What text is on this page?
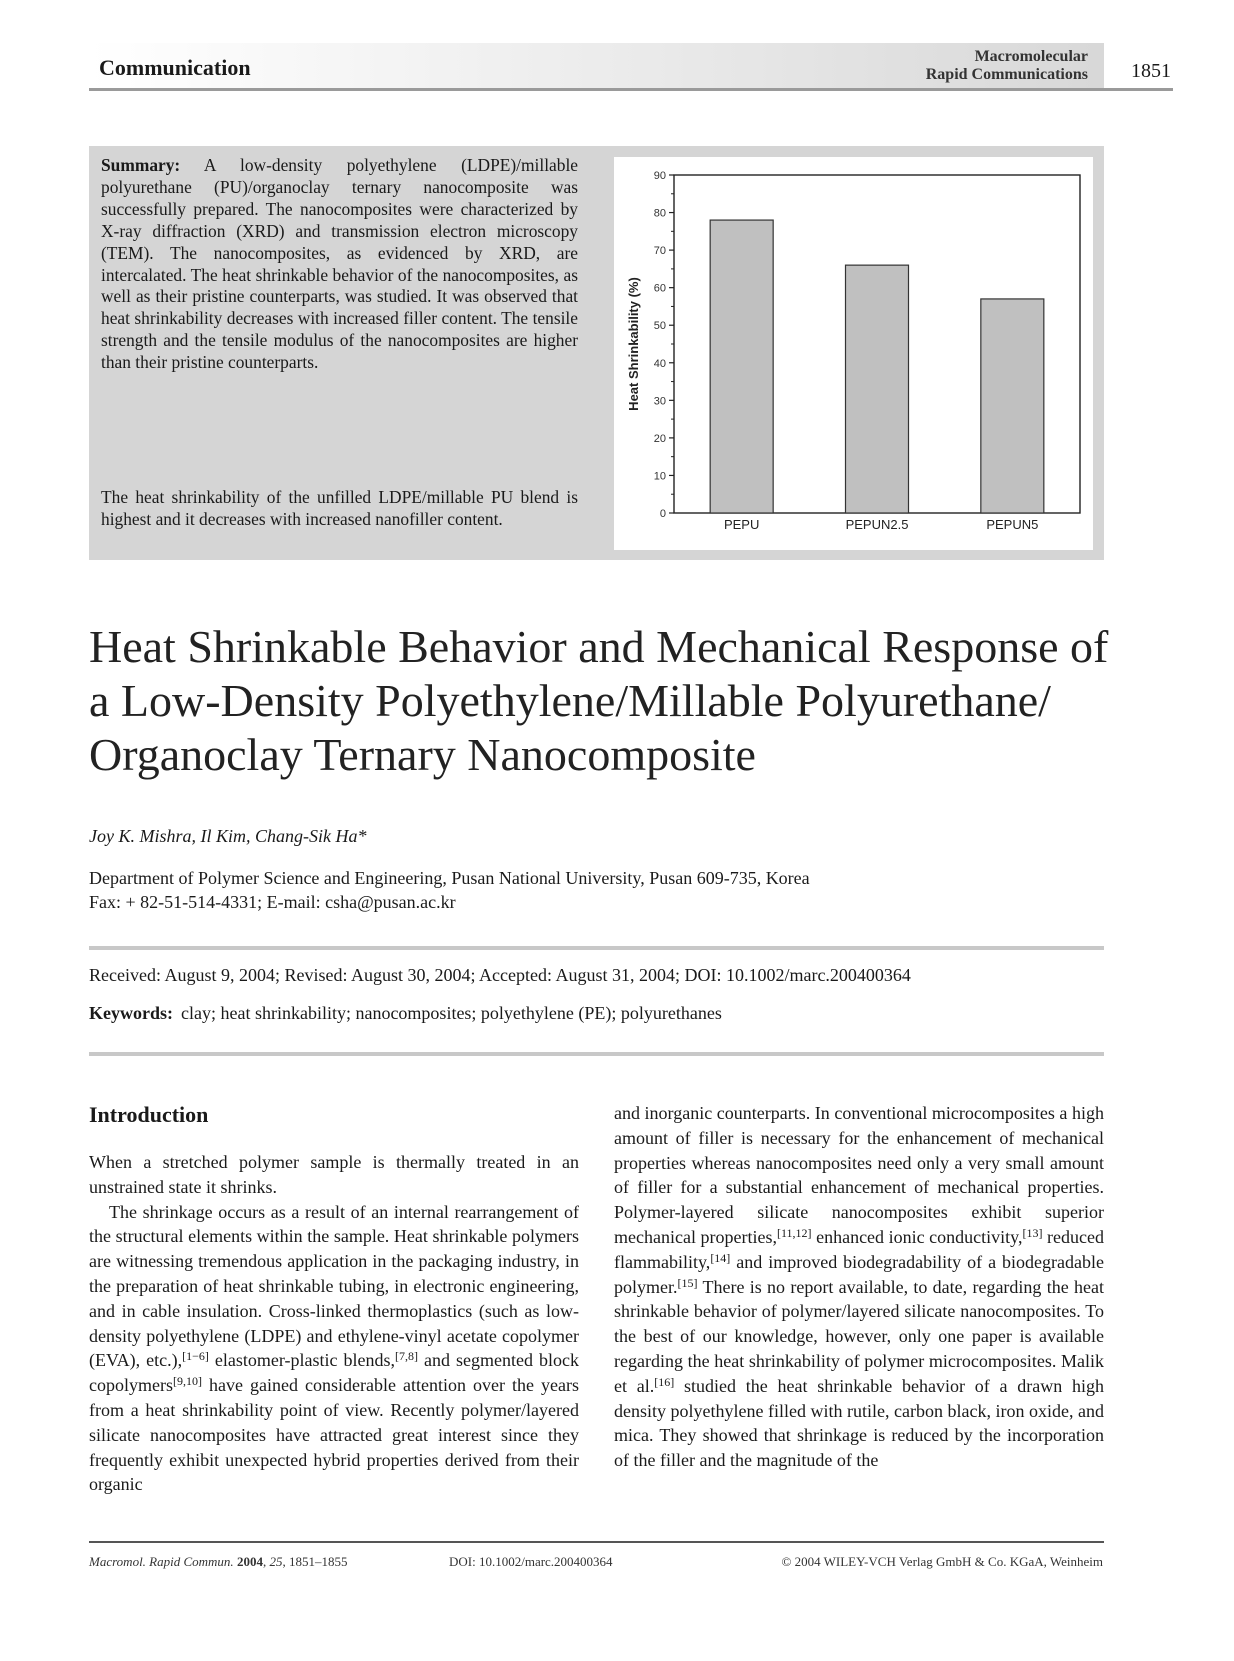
Communication	Macromolecular
Rapid Communications 1851
Summary: A low-density polyethylene (LDPE)/millable polyurethane (PU)/organoclay ternary nanocomposite was successfully prepared. The nanocomposites were characterized by X-ray diffraction (XRD) and transmission electron microscopy (TEM). The nanocomposites, as evidenced by XRD, are intercalated. The heat shrinkable behavior of the nanocomposites, as well as their pristine counterparts, was studied. It was observed that heat shrinkability decreases with increased filler content. The tensile strength and the tensile modulus of the nanocomposites are higher than their pristine counterparts.
The heat shrinkability of the unfilled LDPE/millable PU blend is highest and it decreases with increased nanofiller content.	0
10
20
30
40
50
60
70
80
90
Heat Shrinkability (%)
PEPU	PEPUN2.5	PEPUN5
Heat Shrinkable Behavior and Mechanical Response of
a Low-Density Polyethylene/Millable Polyurethane/
Organoclay Ternary Nanocomposite
Joy K. Mishra, Il Kim, Chang-Sik Ha*
Department of Polymer Science and Engineering, Pusan National University, Pusan 609-735, Korea
Fax: + 82-51-514-4331; E-mail: csha@pusan.ac.kr
Received: August 9, 2004; Revised: August 30, 2004; Accepted: August 31, 2004; DOI: 10.1002/marc.200400364
Keywords: clay; heat shrinkability; nanocomposites; polyethylene (PE); polyurethanes
Introduction

When a stretched polymer sample is thermally treated in an unstrained state it shrinks.

The shrinkage occurs as a result of an internal rearrangement of the structural elements within the sample. Heat shrinkable polymers are witnessing tremendous application in the packaging industry, in the preparation of heat shrinkable tubing, in electronic engineering, and in cable insulation. Cross-linked thermoplastics (such as low-density polyethylene (LDPE) and ethylene-vinyl acetate copolymer (EVA), etc.),[1−6] elastomer-plastic blends,[7,8] and segmented block copolymers[9,10] have gained considerable attention over the years from a heat shrinkability point of view. Recently polymer/layered silicate nanocomposites have attracted great interest since they frequently exhibit unexpected hybrid properties derived from their organic

and inorganic counterparts. In conventional microcomposites a high amount of filler is necessary for the enhancement of mechanical properties whereas nanocomposites need only a very small amount of filler for a substantial enhancement of mechanical properties. Polymer-layered silicate nanocomposites exhibit superior mechanical properties,[11,12] enhanced ionic conductivity,[13] reduced flammability,[14] and improved biodegradability of a biodegradable polymer.[15] There is no report available, to date, regarding the heat shrinkable behavior of polymer/layered silicate nanocomposites. To the best of our knowledge, however, only one paper is available regarding the heat shrinkability of polymer microcomposites. Malik et al.[16] studied the heat shrinkable behavior of a drawn high density polyethylene filled with rutile, carbon black, iron oxide, and mica. They showed that shrinkage is reduced by the incorporation of the filler and the magnitude of the

Macromol. Rapid Commun. 2004, 25, 1851–1855	DOI: 10.1002/marc.200400364	© 2004 WILEY-VCH Verlag GmbH & Co. KGaA, Weinheim
